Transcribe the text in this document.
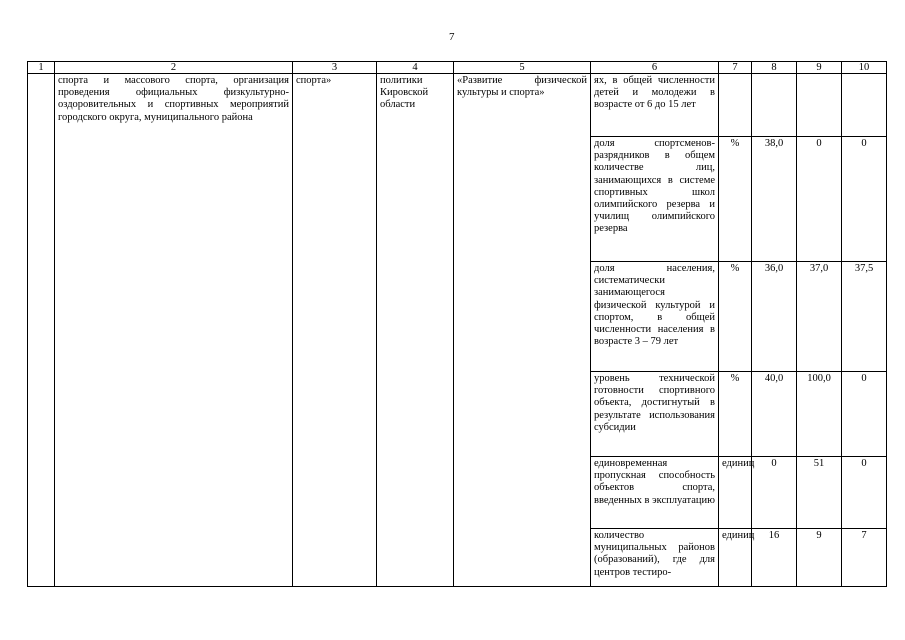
7
1	2	3	4	5	6	7	8	9	10
	спорта и массового спорта, организация проведения официальных физкультурно-оздоровительных и спортивных мероприятий городского округа, муниципального района	спорта»	политики Кировской области	«Развитие физической культуры и спорта»	ях, в общей численности детей и молодежи в возрасте от 6 до 15 лет				
					доля спортсменов-разрядников в общем количестве лиц, занимающихся в системе спортивных школ олимпийского резерва и училищ олимпийского резерва	%	38,0	0	0
					доля населения, систематически занимающегося физической культурой и спортом, в общей численности населения в возрасте 3 – 79 лет	%	36,0	37,0	37,5
					уровень технической готовности спортивного объекта, достигнутый в результате использования субсидии	%	40,0	100,0	0
					единовременная пропускная способность объектов спорта, введенных в эксплуатацию	единиц	0	51	0
					количество муниципальных районов (образований), где для центров тестиро-	единиц	16	9	7
